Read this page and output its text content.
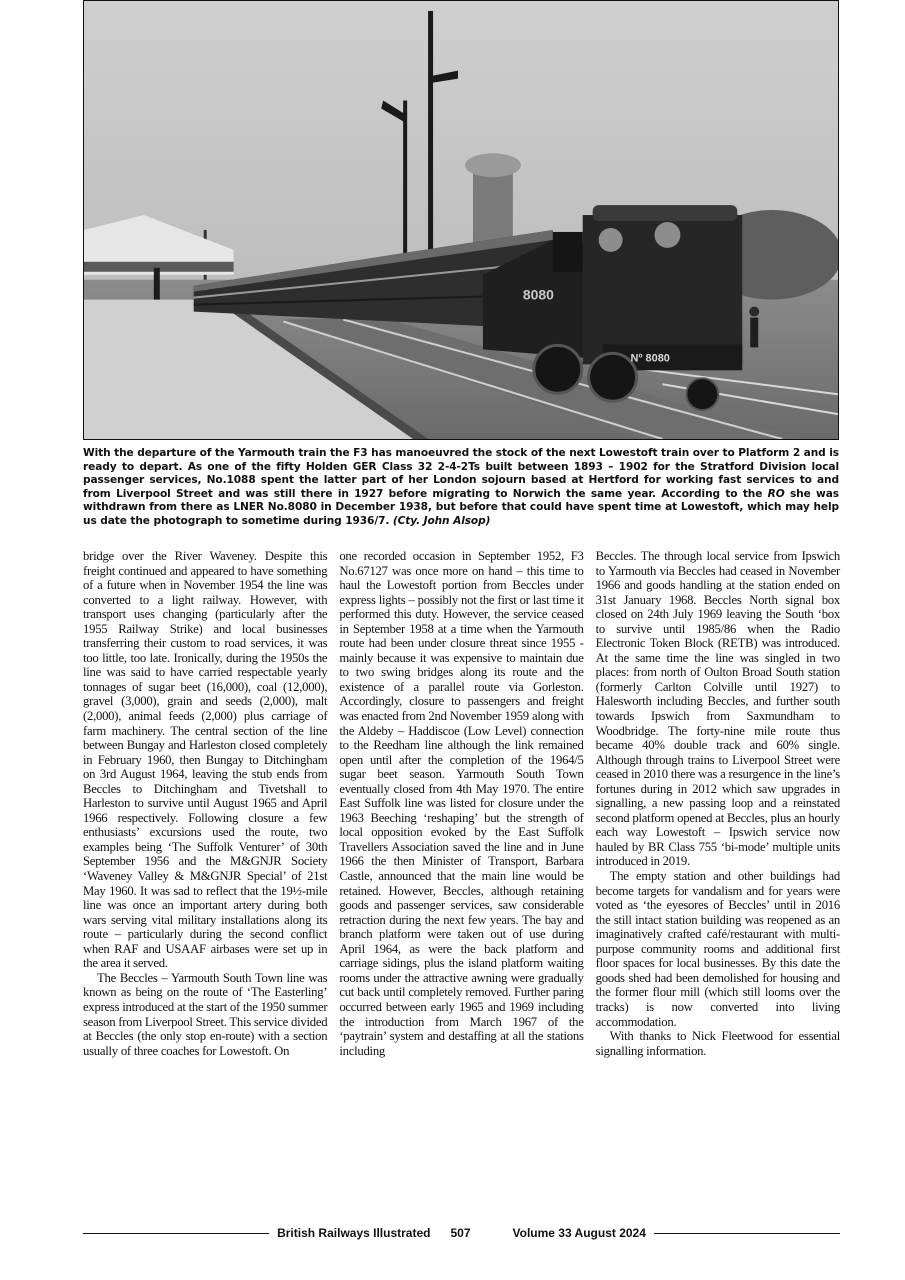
8080
Nº 8080
With the departure of the Yarmouth train the F3 has manoeuvred the stock of the next Lowestoft train over to Platform 2 and is ready to depart. As one of the fifty Holden GER Class 32 2-4-2Ts built between 1893 – 1902 for the Stratford Division local passenger services, No.1088 spent the latter part of her London sojourn based at Hertford for working fast services to and from Liverpool Street and was still there in 1927 before migrating to Norwich the same year. According to the RO she was withdrawn from there as LNER No.8080 in December 1938, but before that could have spent time at Lowestoft, which may help us date the photograph to sometime during 1936/7. (Cty. John Alsop)

bridge over the River Waveney. Despite this freight continued and appeared to have something of a future when in November 1954 the line was converted to a light railway. However, with transport uses changing (particularly after the 1955 Railway Strike) and local businesses transferring their custom to road services, it was too little, too late. Ironically, during the 1950s the line was said to have carried respectable yearly tonnages of sugar beet (16,000), coal (12,000), gravel (3,000), grain and seeds (2,000), malt (2,000), animal feeds (2,000) plus carriage of farm machinery. The central section of the line between Bungay and Harleston closed completely in February 1960, then Bungay to Ditchingham on 3rd August 1964, leaving the stub ends from Beccles to Ditchingham and Tivetshall to Harleston to survive until August 1965 and April 1966 respectively. Following closure a few enthusiasts’ excursions used the route, two examples being ‘The Suffolk Venturer’ of 30th September 1956 and the M&GNJR Society ‘Waveney Valley & M&GNJR Special’ of 21st May 1960. It was sad to reflect that the 19½-mile line was once an important artery during both wars serving vital military installations along its route – particularly during the second conflict when RAF and USAAF airbases were set up in the area it served.

The Beccles – Yarmouth South Town line was known as being on the route of ‘The Easterling’ express introduced at the start of the 1950 summer season from Liverpool Street. This service divided at Beccles (the only stop en-route) with a section usually of three coaches for Lowestoft. On

one recorded occasion in September 1952, F3 No.67127 was once more on hand – this time to haul the Lowestoft portion from Beccles under express lights – possibly not the first or last time it performed this duty. However, the service ceased in September 1958 at a time when the Yarmouth route had been under closure threat since 1955 - mainly because it was expensive to maintain due to two swing bridges along its route and the existence of a parallel route via Gorleston. Accordingly, closure to passengers and freight was enacted from 2nd November 1959 along with the Aldeby – Haddiscoe (Low Level) connection to the Reedham line although the link remained open until after the completion of the 1964/5 sugar beet season. Yarmouth South Town eventually closed from 4th May 1970. The entire East Suffolk line was listed for closure under the 1963 Beeching ‘reshaping’ but the strength of local opposition evoked by the East Suffolk Travellers Association saved the line and in June 1966 the then Minister of Transport, Barbara Castle, announced that the main line would be retained. However, Beccles, although retaining goods and passenger services, saw considerable retraction during the next few years. The bay and branch platform were taken out of use during April 1964, as were the back platform and carriage sidings, plus the island platform waiting rooms under the attractive awning were gradually cut back until completely removed. Further paring occurred between early 1965 and 1969 including the introduction from March 1967 of the ‘paytrain’ system and destaffing at all the stations including

Beccles. The through local service from Ipswich to Yarmouth via Beccles had ceased in November 1966 and goods handling at the station ended on 31st January 1968. Beccles North signal box closed on 24th July 1969 leaving the South ‘box to survive until 1985/86 when the Radio Electronic Token Block (RETB) was introduced. At the same time the line was singled in two places: from north of Oulton Broad South station (formerly Carlton Colville until 1927) to Halesworth including Beccles, and further south towards Ipswich from Saxmundham to Woodbridge. The forty-nine mile route thus became 40% double track and 60% single. Although through trains to Liverpool Street were ceased in 2010 there was a resurgence in the line’s fortunes during in 2012 which saw upgrades in signalling, a new passing loop and a reinstated second platform opened at Beccles, plus an hourly each way Lowestoft – Ipswich service now hauled by BR Class 755 ‘bi-mode’ multiple units introduced in 2019.

The empty station and other buildings had become targets for vandalism and for years were voted as ‘the eyesores of Beccles’ until in 2016 the still intact station building was reopened as an imaginatively crafted café/restaurant with multi-purpose community rooms and additional first floor spaces for local businesses. By this date the goods shed had been demolished for housing and the former flour mill (which still looms over the tracks) is now converted into living accommodation.

With thanks to Nick Fleetwood for essential signalling information.

British Railways Illustrated 507	Volume 33 August 2024
